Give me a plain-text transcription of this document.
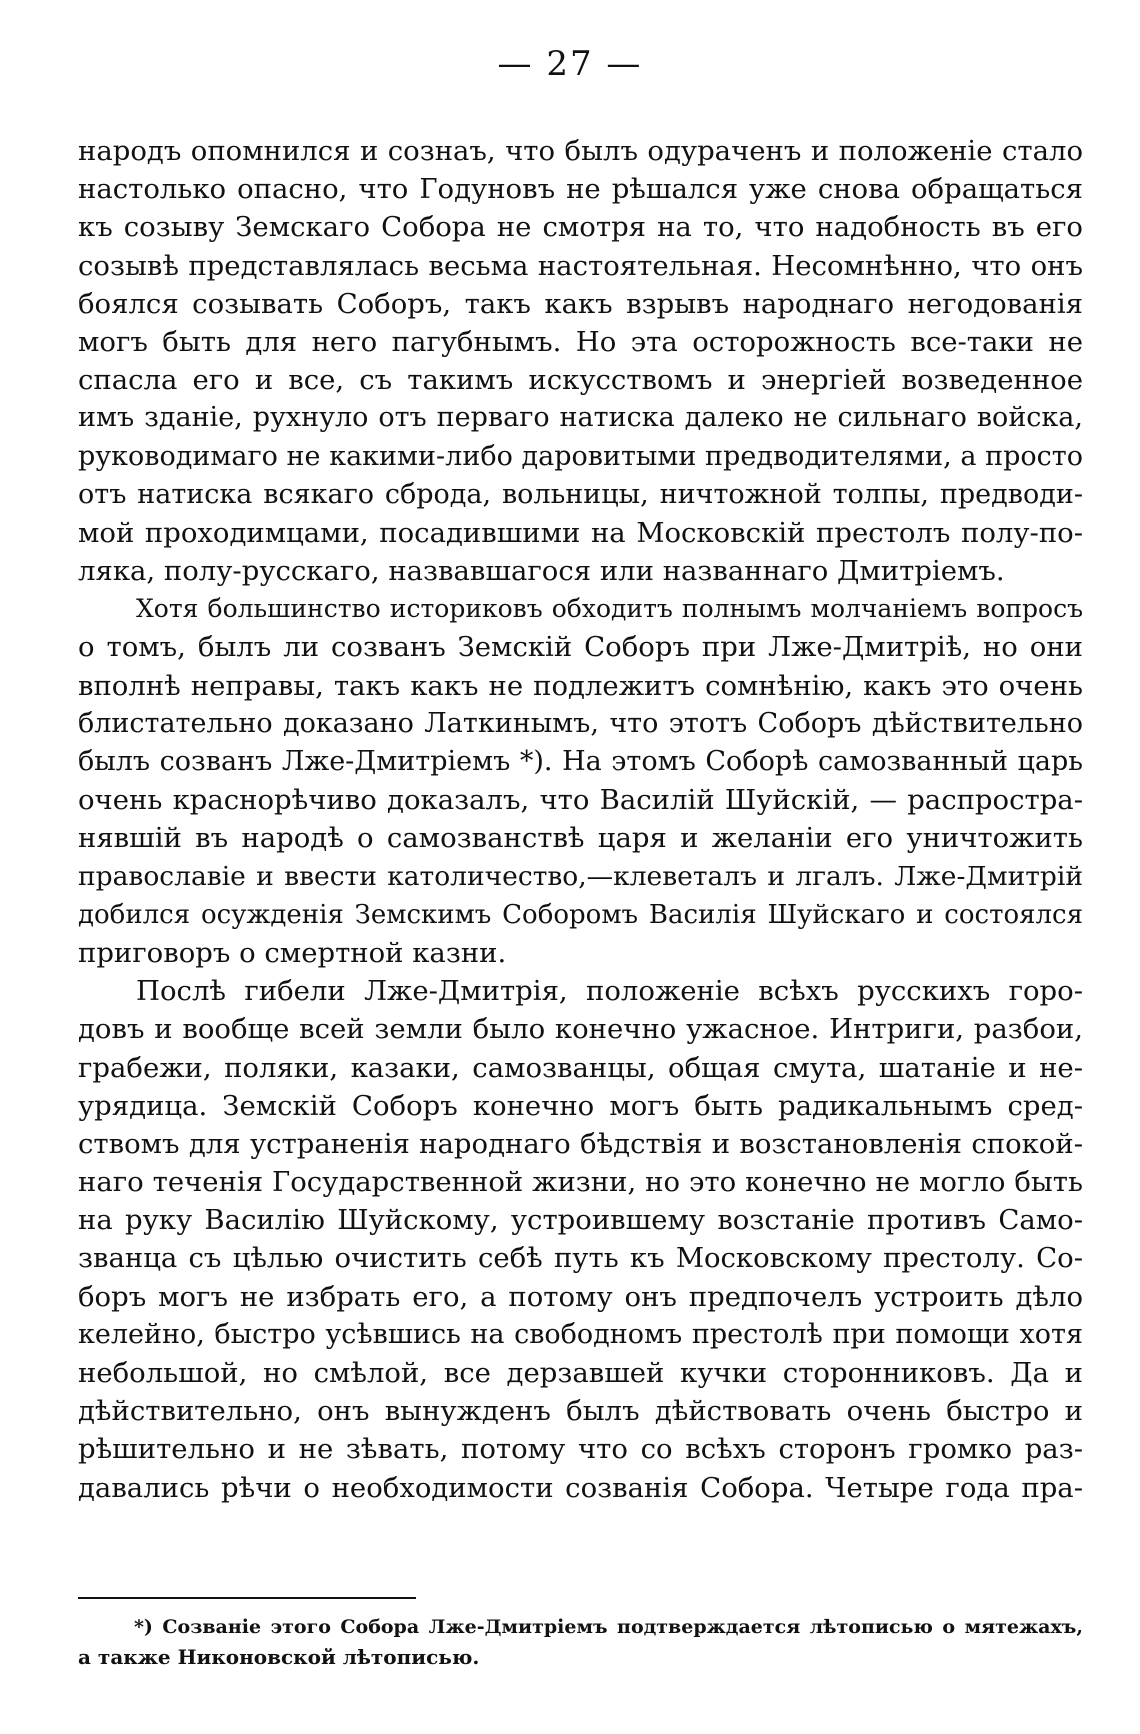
— 27 —
народъ опомнился и сознаъ, что былъ одураченъ и положеніе стало
настолько опасно, что Годуновъ не рѣшался уже снова обращаться
къ созыву Земскаго Собора не смотря на то, что надобность въ его
созывѣ представлялась весьма настоятельная. Несомнѣнно, что онъ
боялся созывать Соборъ, такъ какъ взрывъ народнаго негодованія
могъ быть для него пагубнымъ. Но эта осторожность все-таки не
спасла его и все, съ такимъ искусствомъ и энергіей возведенное
имъ зданіе, рухнуло отъ перваго натиска далеко не сильнаго войска,
руководимаго не какими-либо даровитыми предводителями, а просто
отъ натиска всякаго сброда, вольницы, ничтожной толпы, предводи-
мой проходимцами, посадившими на Московскій престолъ полу-по-
ляка, полу-русскаго, назвавшагося или названнаго Дмитріемъ.
Хотя большинство историковъ обходитъ полнымъ молчаніемъ вопросъ
о томъ, былъ ли созванъ Земскій Соборъ при Лже-Дмитріѣ, но они
вполнѣ неправы, такъ какъ не подлежитъ сомнѣнію, какъ это очень
блистательно доказано Латкинымъ, что этотъ Соборъ дѣйствительно
былъ созванъ Лже-Дмитріемъ *). На этомъ Соборѣ самозванный царь
очень краснорѣчиво доказалъ, что Василій Шуйскій, — распростра-
нявшій въ народѣ о самозванствѣ царя и желаніи его уничтожить
православіе и ввести католичество,—клеветалъ и лгалъ. Лже-Дмитрій
добился осужденія Земскимъ Соборомъ Василія Шуйскаго и состоялся
приговоръ о смертной казни.
Послѣ гибели Лже-Дмитрія, положеніе всѣхъ русскихъ горо-
довъ и вообще всей земли было конечно ужасное. Интриги, разбои,
грабежи, поляки, казаки, самозванцы, общая смута, шатаніе и не-
урядица. Земскій Соборъ конечно могъ быть радикальнымъ сред-
ствомъ для устраненія народнаго бѣдствія и возстановленія спокой-
наго теченія Государственной жизни, но это конечно не могло быть
на руку Василію Шуйскому, устроившему возстаніе противъ Само-
званца съ цѣлью очистить себѣ путь къ Московскому престолу. Со-
боръ могъ не избрать его, а потому онъ предпочелъ устроить дѣло
келейно, быстро усѣвшись на свободномъ престолѣ при помощи хотя
небольшой, но смѣлой, все дерзавшей кучки сторонниковъ. Да и
дѣйствительно, онъ вынужденъ былъ дѣйствовать очень быстро и
рѣшительно и не зѣвать, потому что со всѣхъ сторонъ громко раз-
давались рѣчи о необходимости созванія Собора. Четыре года пра-
*) Созваніе этого Собора Лже-Дмитріемъ подтверждается лѣтописью о мятежахъ,
а также Никоновской лѣтописью.
